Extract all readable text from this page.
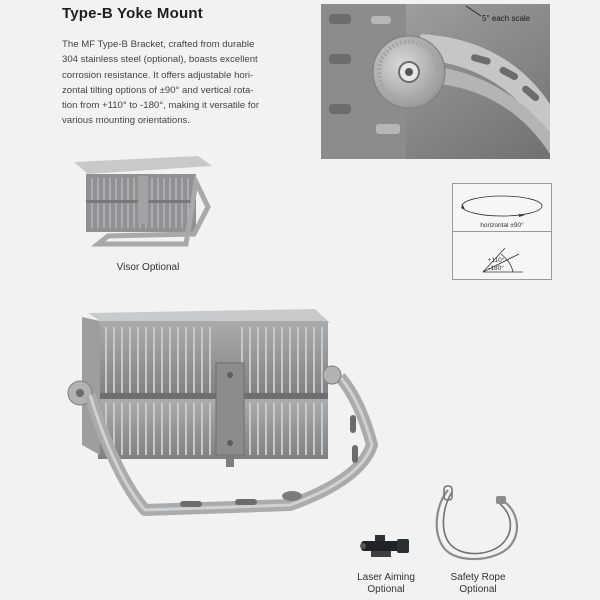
Type-B Yoke Mount

The MF Type-B Bracket, crafted from durable

304 stainless steel (optional), boasts excellent

corrosion resistance. It offers adjustable hori-

zontal tilting options of ±90° and vertical rota-

tion from +110° to -180°, making it versatile for

various mounting orientations.

5° each scale
Visor Optional
horizontal ±90°
+110°
-180°
Laser Aiming
Optional
Safety Rope
Optional
